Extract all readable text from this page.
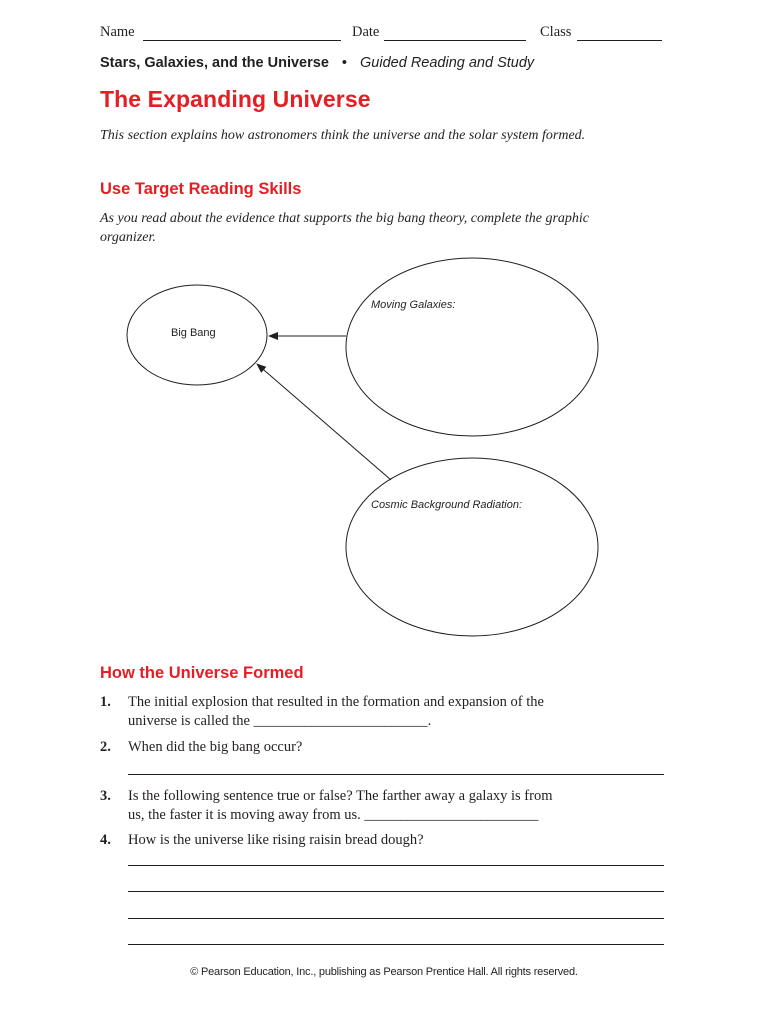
Name	Date	Class
Stars, Galaxies, and the Universe • Guided Reading and Study
The Expanding Universe
This section explains how astronomers think the universe and the solar system formed.
Use Target Reading Skills
As you read about the evidence that supports the big bang theory, complete the graphic organizer.
Big Bang
Moving Galaxies:
Cosmic Background Radiation:
How the Universe Formed
1. The initial explosion that resulted in the formation and expansion of the
universe is called the ________________________.
2. When did the big bang occur?
3. Is the following sentence true or false? The farther away a galaxy is from
us, the faster it is moving away from us. ________________________
4. How is the universe like rising raisin bread dough?
© Pearson Education, Inc., publishing as Pearson Prentice Hall. All rights reserved.
